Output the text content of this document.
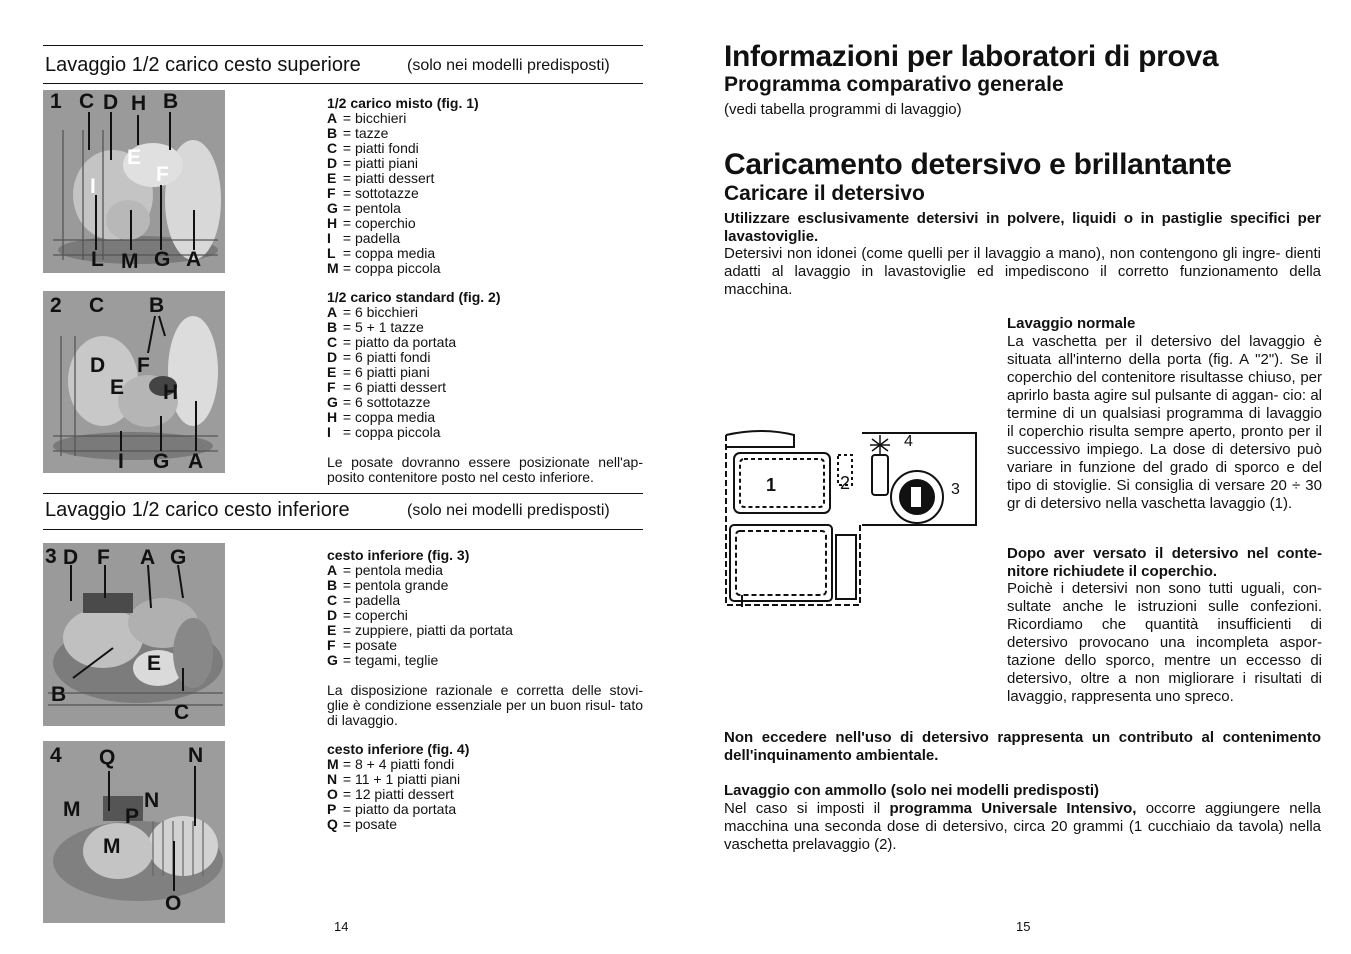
Lavaggio 1/2 carico cesto superiore	(solo nei modelli predisposti)
1 C D H B
E
F
I
L M G A
1/2 carico misto (fig. 1)
A = bicchieri
B = tazze
C = piatti fondi
D = piatti piani
E = piatti dessert
F = sottotazze
G = pentola
H = coperchio
I = padella
L = coppa media
M = coppa piccola
2 C B
D F
E H
I G A
1/2 carico standard (fig. 2)
A = 6 bicchieri
B = 5 + 1 tazze
C = piatto da portata
D = 6 piatti fondi
E = 6 piatti piani
F = 6 piatti dessert
G = 6 sottotazze
H = coppa media
I = coppa piccola
Le posate dovranno essere posizionate nell'ap- posito contenitore posto nel cesto inferiore.
Lavaggio 1/2 carico cesto inferiore	(solo nei modelli predisposti)
3 D F A G
E
B
C
cesto inferiore (fig. 3)
A = pentola media
B = pentola grande
C = padella
D = coperchi
E = zuppiere, piatti da portata
F = posate
G = tegami, teglie
La disposizione razionale e corretta delle stovi- glie è condizione essenziale per un buon risul- tato di lavaggio.
4 Q	N
M P
N
M
O
cesto inferiore (fig. 4)
M = 8 + 4 piatti fondi
N = 11 + 1 piatti piani
O = 12 piatti dessert
P = piatto da portata
Q = posate
14
Informazioni per laboratori di prova
Programma comparativo generale
(vedi tabella programmi di lavaggio)
Caricamento detersivo e brillantante
Caricare il detersivo
Utilizzare esclusivamente detersivi in polvere, liquidi o in pastiglie specifici per lavastoviglie.
Detersivi non idonei (come quelli per il lavaggio a mano), non contengono gli ingre- dienti adatti al lavaggio in lavastoviglie ed impediscono il corretto funzionamento della macchina.
1	2	3
4
Lavaggio normale
La vaschetta per il detersivo del lavaggio è situata all'interno della porta (fig. A "2"). Se il coperchio del contenitore risultasse chiuso, per aprirlo basta agire sul pulsante di aggan- cio: al termine di un qualsiasi programma di lavaggio il coperchio risulta sempre aperto, pronto per il successivo impiego. La dose di detersivo può variare in funzione del grado di sporco e del tipo di stoviglie. Si consiglia di versare 20 ÷ 30 gr di detersivo nella vaschetta lavaggio (1).
Dopo aver versato il detersivo nel conte- nitore richiudete il coperchio.
Poichè i detersivi non sono tutti uguali, con- sultate anche le istruzioni sulle confezioni. Ricordiamo che quantità insufficienti di detersivo provocano una incompleta aspor- tazione dello sporco, mentre un eccesso di detersivo, oltre a non migliorare i risultati di lavaggio, rappresenta uno spreco.
Non eccedere nell'uso di detersivo rappresenta un contributo al contenimento dell'inquinamento ambientale.
Lavaggio con ammollo (solo nei modelli predisposti)
Nel caso si imposti il programma Universale Intensivo, occorre aggiungere nella macchina una seconda dose di detersivo, circa 20 grammi (1 cucchiaio da tavola) nella vaschetta prelavaggio (2).
15
